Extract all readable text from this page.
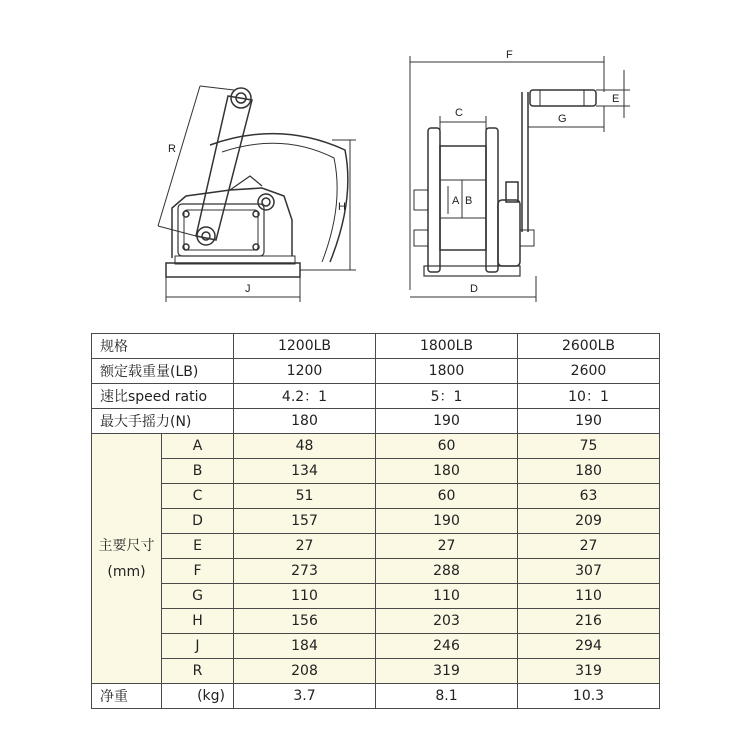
R
H
J
F
C
E
G
A B
D
规格		1200LB	1800LB	2600LB
额定载重量(LB)		1200	1800	2600
速比speed ratio		4.2：1	5：1	10：1
最大手摇力(N)		180	190	190

主要尺寸
(mm)	A	48	60	75
	B	134	180	180
	C	51	60	63
	D	157	190	209
	E	27	27	27
	F	273	288	307
	G	110	110	110
	H	156	203	216
	J	184	246	294
	R	208	319	319
净重	(kg)	3.7	8.1	10.3
